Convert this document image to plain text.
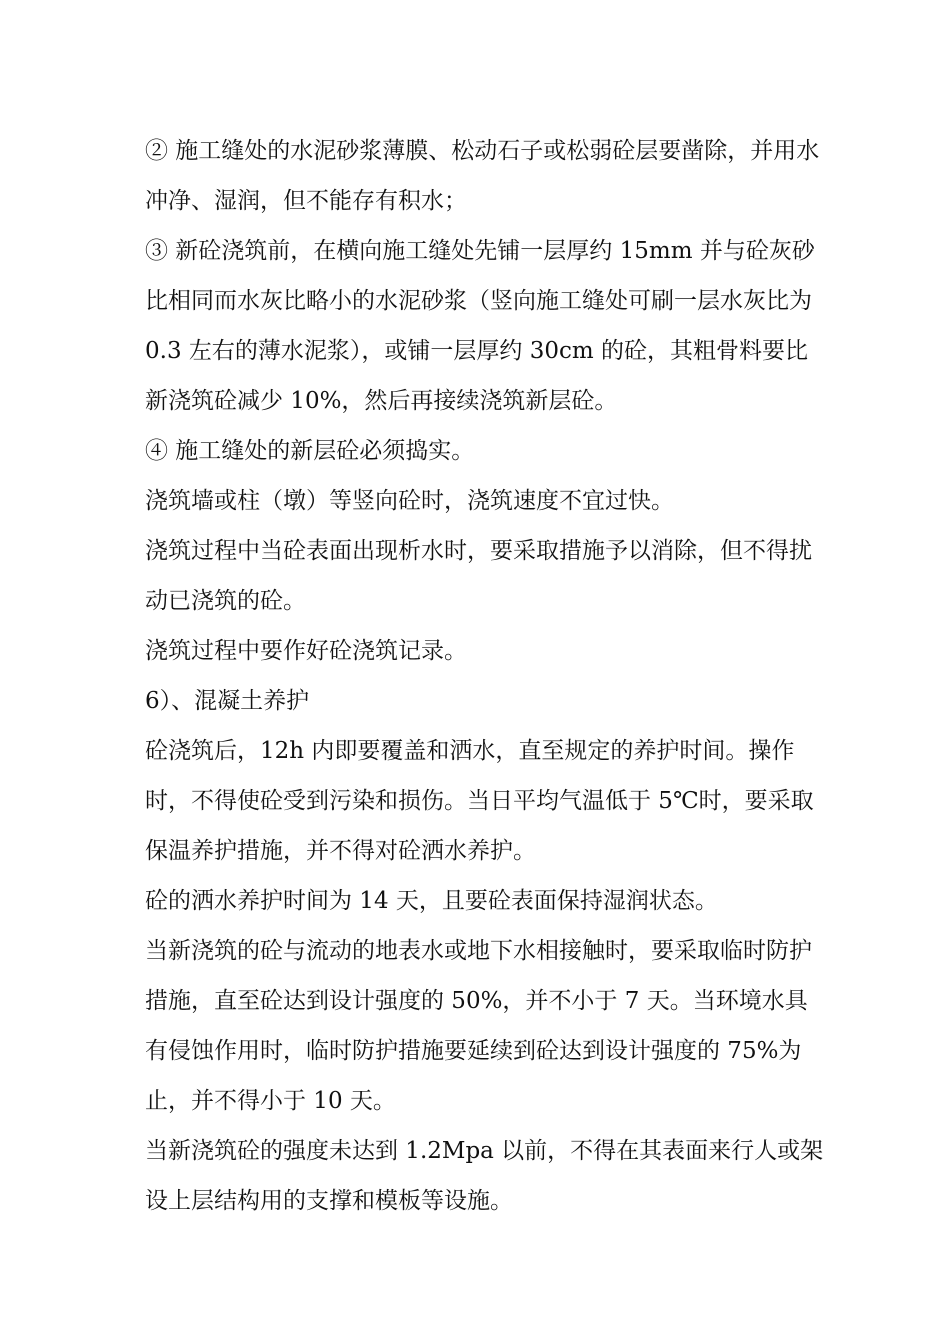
② 施工缝处的水泥砂浆薄膜、松动石子或松弱砼层要凿除，并用水冲净、湿润，但不能存有积水；

③ 新砼浇筑前，在横向施工缝处先铺一层厚约 15mm 并与砼灰砂比相同而水灰比略小的水泥砂浆（竖向施工缝处可刷一层水灰比为 0.3 左右的薄水泥浆），或铺一层厚约 30cm 的砼，其粗骨料要比新浇筑砼减少 10%，然后再接续浇筑新层砼。

④ 施工缝处的新层砼必须捣实。

浇筑墙或柱（墩）等竖向砼时，浇筑速度不宜过快。

浇筑过程中当砼表面出现析水时，要采取措施予以消除，但不得扰动已浇筑的砼。

浇筑过程中要作好砼浇筑记录。

6）、混凝土养护

砼浇筑后，12h 内即要覆盖和洒水，直至规定的养护时间。操作时，不得使砼受到污染和损伤。当日平均气温低于 5℃时，要采取保温养护措施，并不得对砼洒水养护。

砼的洒水养护时间为 14 天，且要砼表面保持湿润状态。

当新浇筑的砼与流动的地表水或地下水相接触时，要采取临时防护措施，直至砼达到设计强度的 50%，并不小于 7 天。当环境水具有侵蚀作用时，临时防护措施要延续到砼达到设计强度的 75%为止，并不得小于 10 天。

当新浇筑砼的强度未达到 1.2Mpa 以前，不得在其表面来行人或架设上层结构用的支撑和模板等设施。
